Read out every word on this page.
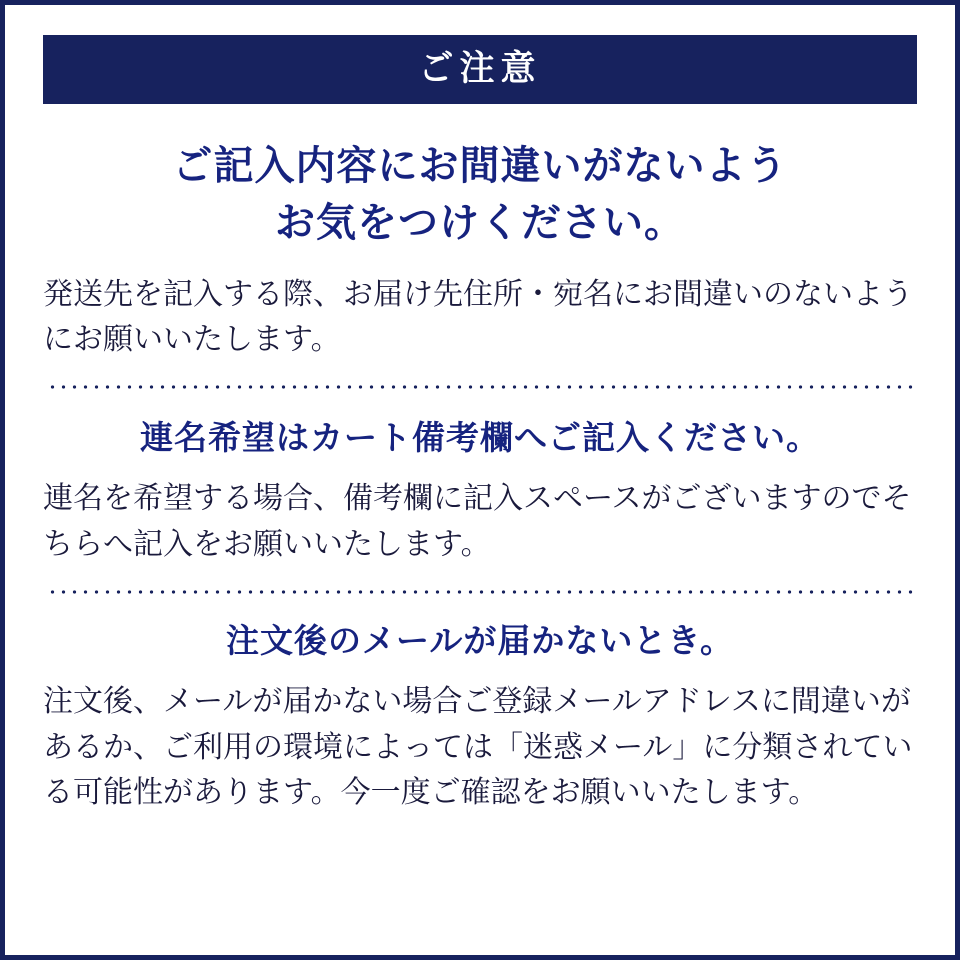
ご注意
ご記入内容にお間違いがないよう
お気をつけください。
発送先を記入する際、お届け先住所・宛名にお間違いのないようにお願いいたします。
連名希望はカート備考欄へご記入ください。
連名を希望する場合、備考欄に記入スペースがございますのでそちらへ記入をお願いいたします。
注文後のメールが届かないとき。
注文後、メールが届かない場合ご登録メールアドレスに間違いがあるか、ご利用の環境によっては「迷惑メール」に分類されている可能性があります。今一度ご確認をお願いいたします。
